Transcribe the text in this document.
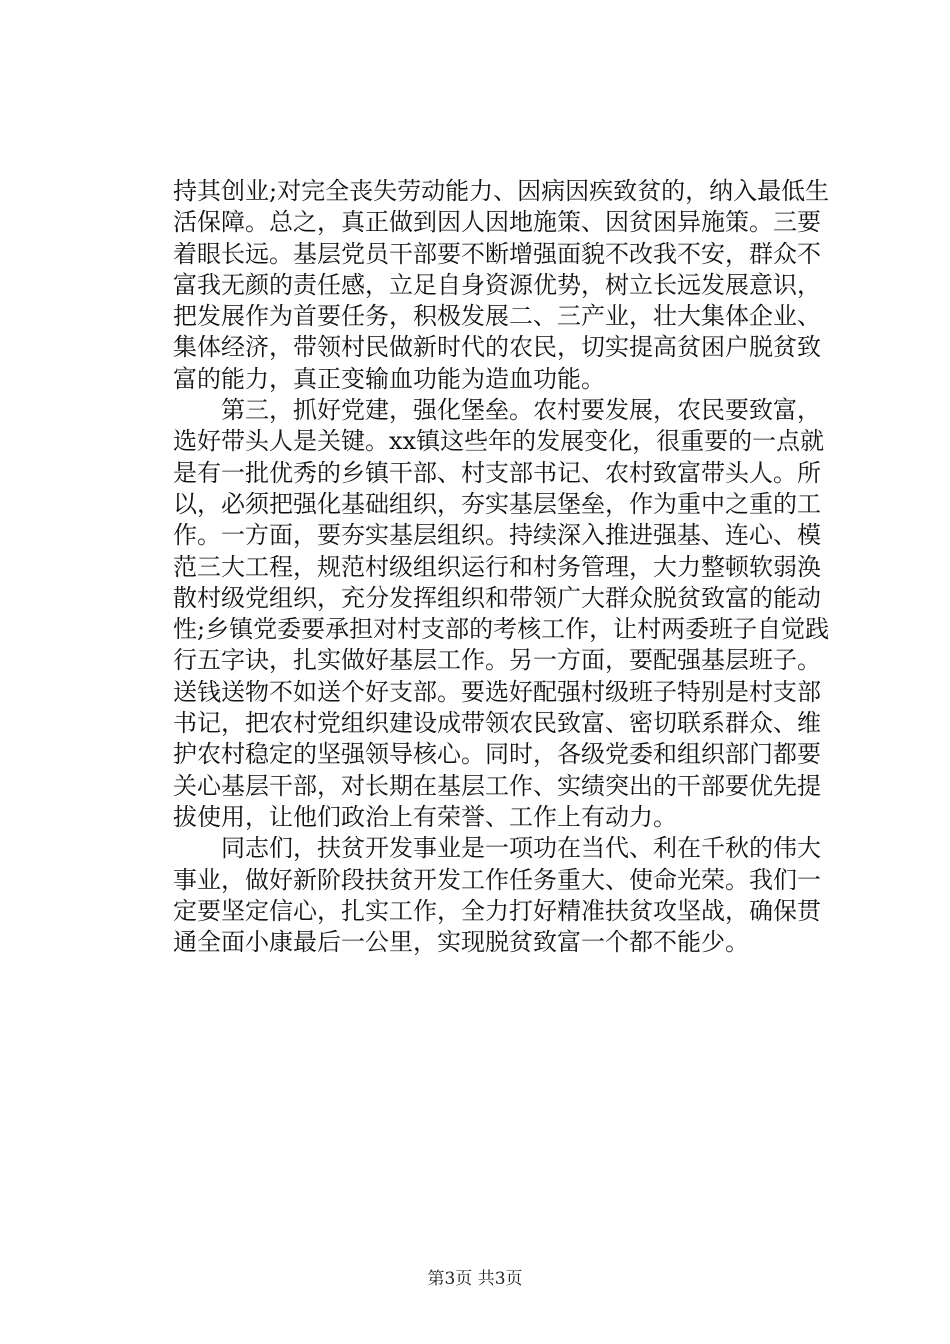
持其创业;对完全丧失劳动能力、因病因疾致贫的，纳入最低生
活保障。总之，真正做到因人因地施策、因贫困异施策。三要
着眼长远。基层党员干部要不断增强面貌不改我不安，群众不
富我无颜的责任感，立足自身资源优势，树立长远发展意识，
把发展作为首要任务，积极发展二、三产业，壮大集体企业、
集体经济，带领村民做新时代的农民，切实提高贫困户脱贫致
富的能力，真正变输血功能为造血功能。
　　第三，抓好党建，强化堡垒。农村要发展，农民要致富，
选好带头人是关键。xx镇这些年的发展变化，很重要的一点就
是有一批优秀的乡镇干部、村支部书记、农村致富带头人。所
以，必须把强化基础组织，夯实基层堡垒，作为重中之重的工
作。一方面，要夯实基层组织。持续深入推进强基、连心、模
范三大工程，规范村级组织运行和村务管理，大力整顿软弱涣
散村级党组织，充分发挥组织和带领广大群众脱贫致富的能动
性;乡镇党委要承担对村支部的考核工作，让村两委班子自觉践
行五字诀，扎实做好基层工作。另一方面，要配强基层班子。
送钱送物不如送个好支部。要选好配强村级班子特别是村支部
书记，把农村党组织建设成带领农民致富、密切联系群众、维
护农村稳定的坚强领导核心。同时，各级党委和组织部门都要
关心基层干部，对长期在基层工作、实绩突出的干部要优先提
拔使用，让他们政治上有荣誉、工作上有动力。
　　同志们，扶贫开发事业是一项功在当代、利在千秋的伟大
事业，做好新阶段扶贫开发工作任务重大、使命光荣。我们一
定要坚定信心，扎实工作，全力打好精准扶贫攻坚战，确保贯
通全面小康最后一公里，实现脱贫致富一个都不能少。
第3页 共3页
